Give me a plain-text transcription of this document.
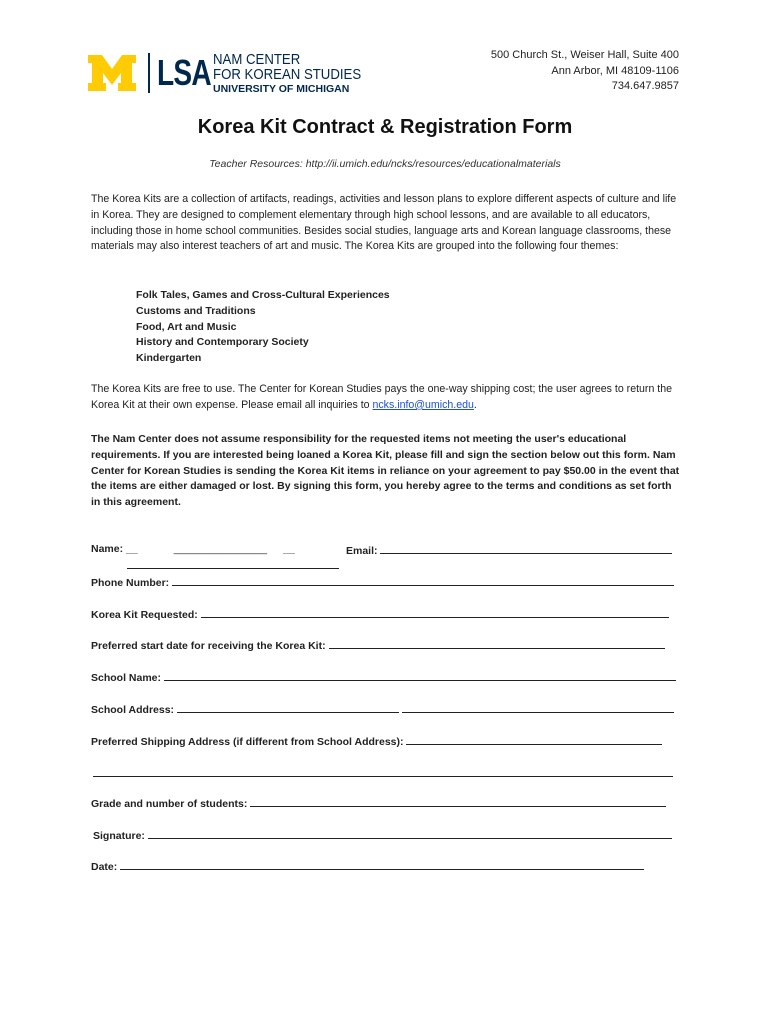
LSA NAM CENTER
FOR KOREAN STUDIES
UNIVERSITY OF MICHIGAN
500 Church St., Weiser Hall, Suite 400
Ann Arbor, MI 48109-1106
734.647.9857
Korea Kit Contract & Registration Form
Teacher Resources: http://ii.umich.edu/ncks/resources/educationalmaterials
The Korea Kits are a collection of artifacts, readings, activities and lesson plans to explore different aspects of culture and life in Korea. They are designed to complement elementary through high school lessons, and are available to all educators, including those in home school communities. Besides social studies, language arts and Korean language classrooms, these materials may also interest teachers of art and music. The Korea Kits are grouped into the following four themes:
Folk Tales, Games and Cross-Cultural Experiences
Customs and Traditions
Food, Art and Music
History and Contemporary Society
Kindergarten
The Korea Kits are free to use. The Center for Korean Studies pays the one-way shipping cost; the user agrees to return the Korea Kit at their own expense. Please email all inquiries to ncks.info@umich.edu.
The Nam Center does not assume responsibility for the requested items not meeting the user's educational requirements. If you are interested being loaned a Korea Kit, please fill and sign the section below out this form. Nam Center for Korean Studies is sending the Korea Kit items in reliance on your agreement to pay $50.00 in the event that the items are either damaged or lost. By signing this form, you hereby agree to the terms and conditions as set forth in this agreement.
Name: __	________________ __	Email:
Phone Number:
Korea Kit Requested:
Preferred start date for receiving the Korea Kit:
School Name:
School Address:
Preferred Shipping Address (if different from School Address):
Grade and number of students:
Signature:
Date:
